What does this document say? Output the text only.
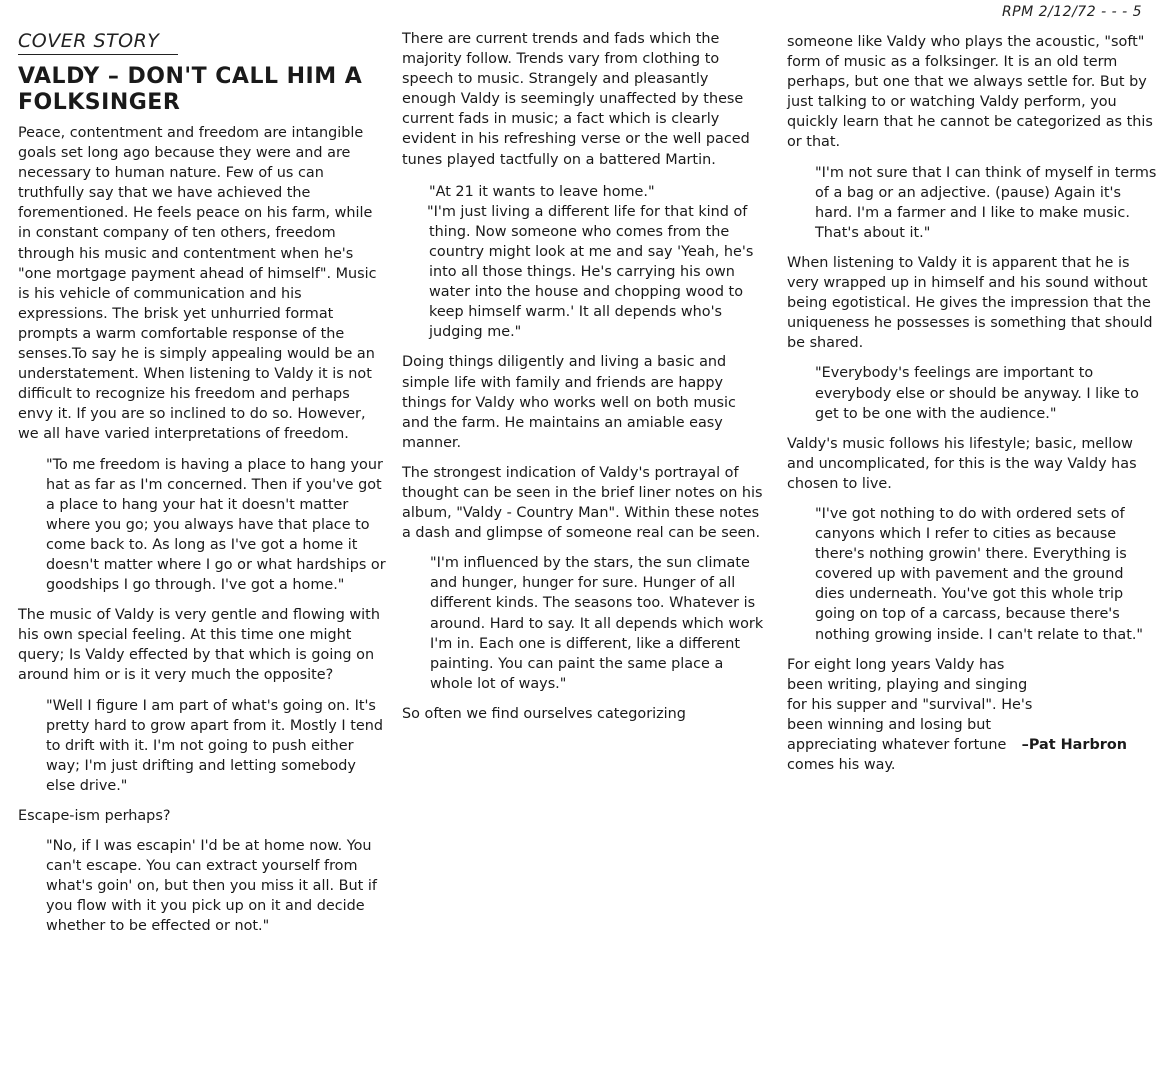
RPM 2/12/72 - - - 5
COVER STORY
VALDY – DON'T CALL HIM A FOLKSINGER

Peace, contentment and freedom are intangible goals set long ago because they were and are necessary to human nature. Few of us can truthfully say that we have achieved the forementioned. He feels peace on his farm, while in constant company of ten others, freedom through his music and contentment when he's "one mortgage payment ahead of himself". Music is his vehicle of communication and his expressions. The brisk yet unhurried format prompts a warm comfortable response of the senses.To say he is simply appealing would be an understatement. When listening to Valdy it is not difficult to recognize his freedom and perhaps envy it. If you are so inclined to do so. However, we all have varied interpretations of freedom.

"To me freedom is having a place to hang your hat as far as I'm concerned. Then if you've got a place to hang your hat it doesn't matter where you go; you always have that place to come back to. As long as I've got a home it doesn't matter where I go or what hardships or goodships I go through. I've got a home."

The music of Valdy is very gentle and flowing with his own special feeling. At this time one might query; Is Valdy effected by that which is going on around him or is it very much the opposite?

"Well I figure I am part of what's going on. It's pretty hard to grow apart from it. Mostly I tend to drift with it. I'm not going to push either way; I'm just drifting and letting somebody else drive."

Escape-ism perhaps?

"No, if I was escapin' I'd be at home now. You can't escape. You can extract yourself from what's goin' on, but then you miss it all. But if you flow with it you pick up on it and decide whether to be effected or not."

There are current trends and fads which the majority follow. Trends vary from clothing to speech to music. Strangely and pleasantly enough Valdy is seemingly unaffected by these current fads in music; a fact which is clearly evident in his refreshing verse or the well paced tunes played tactfully on a battered Martin.

"At 21 it wants to leave home."

"I'm just living a different life for that kind of thing. Now someone who comes from the country might look at me and say 'Yeah, he's into all those things. He's carrying his own water into the house and chopping wood to keep himself warm.' It all depends who's judging me."

Doing things diligently and living a basic and simple life with family and friends are happy things for Valdy who works well on both music and the farm. He maintains an amiable easy manner.

The strongest indication of Valdy's portrayal of thought can be seen in the brief liner notes on his album, "Valdy - Country Man". Within these notes a dash and glimpse of someone real can be seen.

"I'm influenced by the stars, the sun climate and hunger, hunger for sure. Hunger of all different kinds. The seasons too. Whatever is around. Hard to say. It all depends which work I'm in. Each one is different, like a different painting. You can paint the same place a whole lot of ways."

So often we find ourselves categorizing

someone like Valdy who plays the acoustic, "soft" form of music as a folksinger. It is an old term perhaps, but one that we always settle for. But by just talking to or watching Valdy perform, you quickly learn that he cannot be categorized as this or that.

"I'm not sure that I can think of myself in terms of a bag or an adjective. (pause) Again it's hard. I'm a farmer and I like to make music. That's about it."

When listening to Valdy it is apparent that he is very wrapped up in himself and his sound without being egotistical. He gives the impression that the uniqueness he possesses is something that should be shared.

"Everybody's feelings are important to everybody else or should be anyway. I like to get to be one with the audience."

Valdy's music follows his lifestyle; basic, mellow and uncomplicated, for this is the way Valdy has chosen to live.

"I've got nothing to do with ordered sets of canyons which I refer to cities as because there's nothing growin' there. Everything is covered up with pavement and the ground dies underneath. You've got this whole trip going on top of a carcass, because there's nothing growing inside. I can't relate to that."

For eight long years Valdy has been writing, playing and singing for his supper and "survival". He's been winning and losing but appreciating whatever fortune comes his way.

–Pat Harbron
